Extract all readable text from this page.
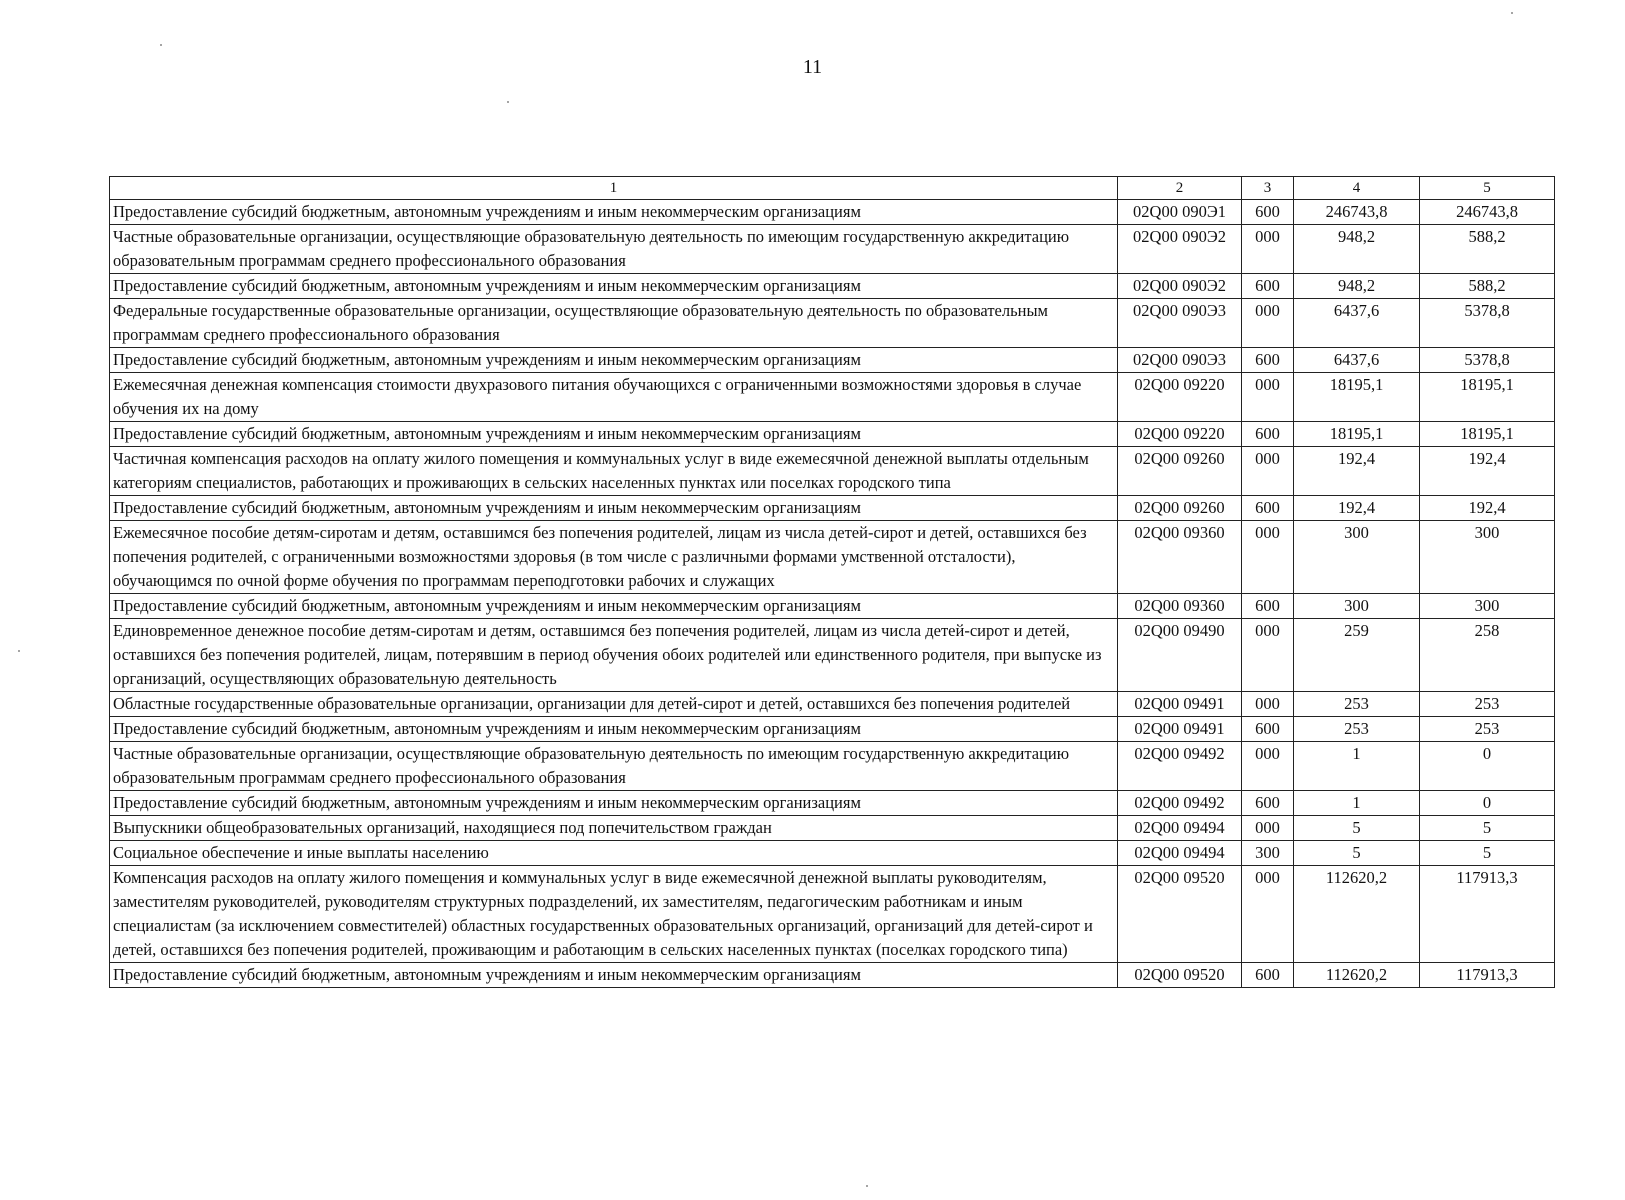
11
1	2	3	4	5
Предоставление субсидий бюджетным, автономным учреждениям и иным некоммерческим организациям	02Q00 090Э1	600	246743,8	246743,8
Частные образовательные организации, осуществляющие образовательную деятельность по имеющим государственную аккредитацию образовательным программам среднего профессионального образования	02Q00 090Э2	000	948,2	588,2
Предоставление субсидий бюджетным, автономным учреждениям и иным некоммерческим организациям	02Q00 090Э2	600	948,2	588,2
Федеральные государственные образовательные организации, осуществляющие образовательную деятельность по образовательным программам среднего профессионального образования	02Q00 090Э3	000	6437,6	5378,8
Предоставление субсидий бюджетным, автономным учреждениям и иным некоммерческим организациям	02Q00 090Э3	600	6437,6	5378,8
Ежемесячная денежная компенсация стоимости двухразового питания обучающихся с ограниченными возможностями здоровья в случае обучения их на дому	02Q00 09220	000	18195,1	18195,1
Предоставление субсидий бюджетным, автономным учреждениям и иным некоммерческим организациям	02Q00 09220	600	18195,1	18195,1
Частичная компенсация расходов на оплату жилого помещения и коммунальных услуг в виде ежемесячной денежной выплаты отдельным категориям специалистов, работающих и проживающих в сельских населенных пунктах или поселках городского типа	02Q00 09260	000	192,4	192,4
Предоставление субсидий бюджетным, автономным учреждениям и иным некоммерческим организациям	02Q00 09260	600	192,4	192,4
Ежемесячное пособие детям-сиротам и детям, оставшимся без попечения родителей, лицам из числа детей-сирот и детей, оставшихся без попечения родителей, с ограниченными возможностями здоровья (в том числе с различными формами умственной отсталости), обучающимся по очной форме обучения по программам переподготовки рабочих и служащих	02Q00 09360	000	300	300
Предоставление субсидий бюджетным, автономным учреждениям и иным некоммерческим организациям	02Q00 09360	600	300	300
Единовременное денежное пособие детям-сиротам и детям, оставшимся без попечения родителей, лицам из числа детей-сирот и детей, оставшихся без попечения родителей, лицам, потерявшим в период обучения обоих родителей или единственного родителя, при выпуске из организаций, осуществляющих образовательную деятельность	02Q00 09490	000	259	258
Областные государственные образовательные организации, организации для детей-сирот и детей, оставшихся без попечения родителей	02Q00 09491	000	253	253
Предоставление субсидий бюджетным, автономным учреждениям и иным некоммерческим организациям	02Q00 09491	600	253	253
Частные образовательные организации, осуществляющие образовательную деятельность по имеющим государственную аккредитацию образовательным программам среднего профессионального образования	02Q00 09492	000	1	0
Предоставление субсидий бюджетным, автономным учреждениям и иным некоммерческим организациям	02Q00 09492	600	1	0
Выпускники общеобразовательных организаций, находящиеся под попечительством граждан	02Q00 09494	000	5	5
Социальное обеспечение и иные выплаты населению	02Q00 09494	300	5	5
Компенсация расходов на оплату жилого помещения и коммунальных услуг в виде ежемесячной денежной выплаты руководителям, заместителям руководителей, руководителям структурных подразделений, их заместителям, педагогическим работникам и иным специалистам (за исключением совместителей) областных государственных образовательных организаций, организаций для детей-сирот и детей, оставшихся без попечения родителей, проживающим и работающим в сельских населенных пунктах (поселках городского типа)	02Q00 09520	000	112620,2	117913,3
Предоставление субсидий бюджетным, автономным учреждениям и иным некоммерческим организациям	02Q00 09520	600	112620,2	117913,3
